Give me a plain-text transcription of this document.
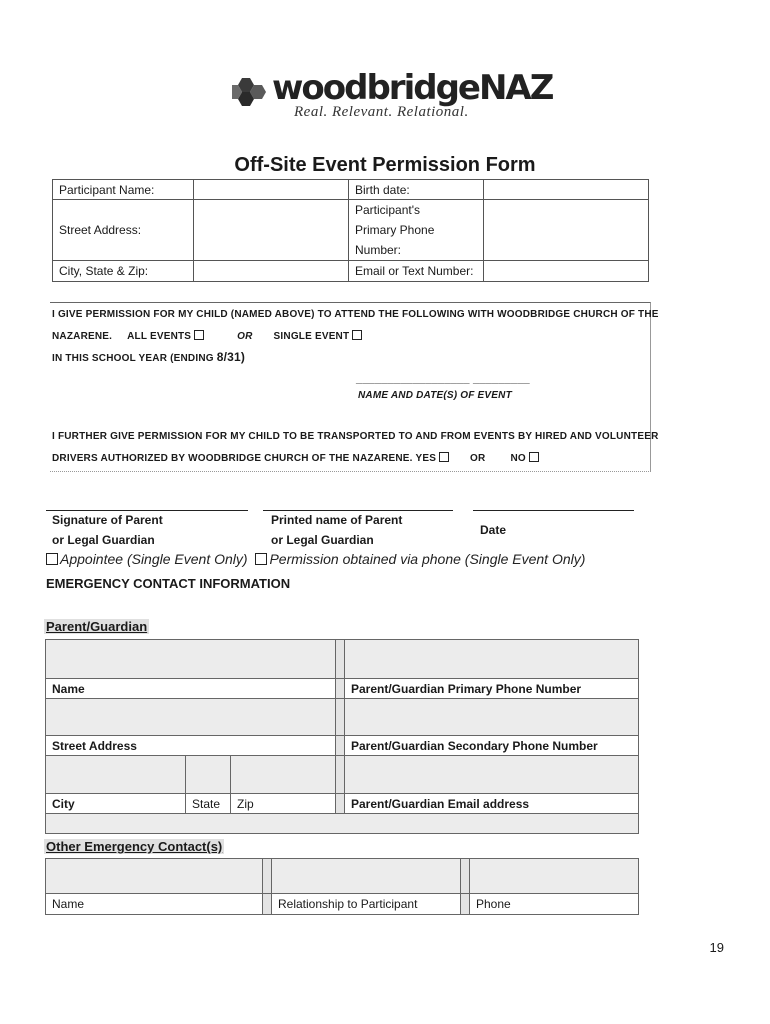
woodbridgeNAZ
Real. Relevant. Relational.
Off-Site Event Permission Form
Participant Name:		Birth date:	
Street Address:		Participant's
Primary Phone
Number:	

City, State & Zip:		Email or Text Number:	
I GIVE PERMISSION FOR MY CHILD (NAMED ABOVE) TO ATTEND THE FOLLOWING WITH WOODBRIDGE CHURCH OF THE
NAZARENE. ALL EVENTS	OR SINGLE EVENT
IN THIS SCHOOL YEAR (ENDING 8/31)
__________________ _________
NAME AND DATE(S) OF EVENT
I FURTHER GIVE PERMISSION FOR MY CHILD TO BE TRANSPORTED TO AND FROM EVENTS BY HIRED AND VOLUNTEER
DRIVERS AUTHORIZED BY WOODBRIDGE CHURCH OF THE NAZARENE. YES	OR NO
Signature of Parent
or Legal Guardian
Printed name of Parent
or Legal Guardian
Date
Appointee (Single Event Only) Permission obtained via phone (Single Event Only)
EMERGENCY CONTACT INFORMATION
Parent/Guardian

Name				Parent/Guardian Primary Phone Number

Street Address				Parent/Guardian Secondary Phone Number

City	State	Zip		Parent/Guardian Email address

Other Emergency Contact(s)

Name		Relationship to Participant		Phone
19
